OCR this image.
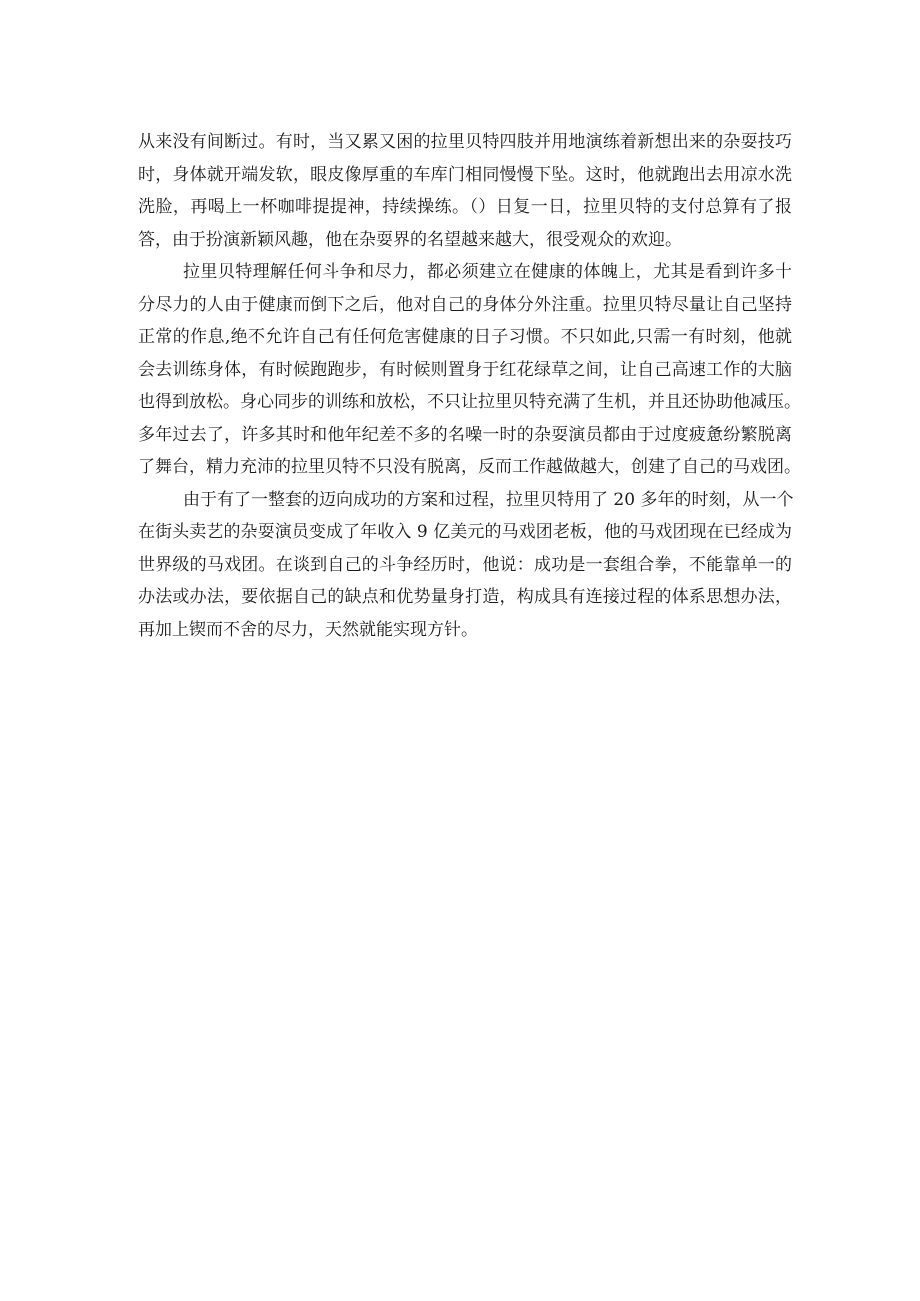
从来没有间断过。有时，当又累又困的拉里贝特四肢并用地演练着新想出来的杂耍技巧
时，身体就开端发软，眼皮像厚重的车库门相同慢慢下坠。这时，他就跑出去用凉水洗
洗脸，再喝上一杯咖啡提提神，持续操练。（）日复一日，拉里贝特的支付总算有了报
答，由于扮演新颖风趣，他在杂耍界的名望越来越大，很受观众的欢迎。
拉里贝特理解任何斗争和尽力，都必须建立在健康的体魄上，尤其是看到许多十
分尽力的人由于健康而倒下之后，他对自己的身体分外注重。拉里贝特尽量让自己坚持
正常的作息,绝不允许自己有任何危害健康的日子习惯。不只如此,只需一有时刻，他就
会去训练身体，有时候跑跑步，有时候则置身于红花绿草之间，让自己高速工作的大脑
也得到放松。身心同步的训练和放松，不只让拉里贝特充满了生机，并且还协助他减压。
多年过去了，许多其时和他年纪差不多的名噪一时的杂耍演员都由于过度疲惫纷繁脱离
了舞台，精力充沛的拉里贝特不只没有脱离，反而工作越做越大，创建了自己的马戏团。
由于有了一整套的迈向成功的方案和过程，拉里贝特用了 20 多年的时刻，从一个
在街头卖艺的杂耍演员变成了年收入 9 亿美元的马戏团老板，他的马戏团现在已经成为
世界级的马戏团。在谈到自己的斗争经历时，他说：成功是一套组合拳，不能靠单一的
办法或办法，要依据自己的缺点和优势量身打造，构成具有连接过程的体系思想办法，
再加上锲而不舍的尽力，天然就能实现方针。
